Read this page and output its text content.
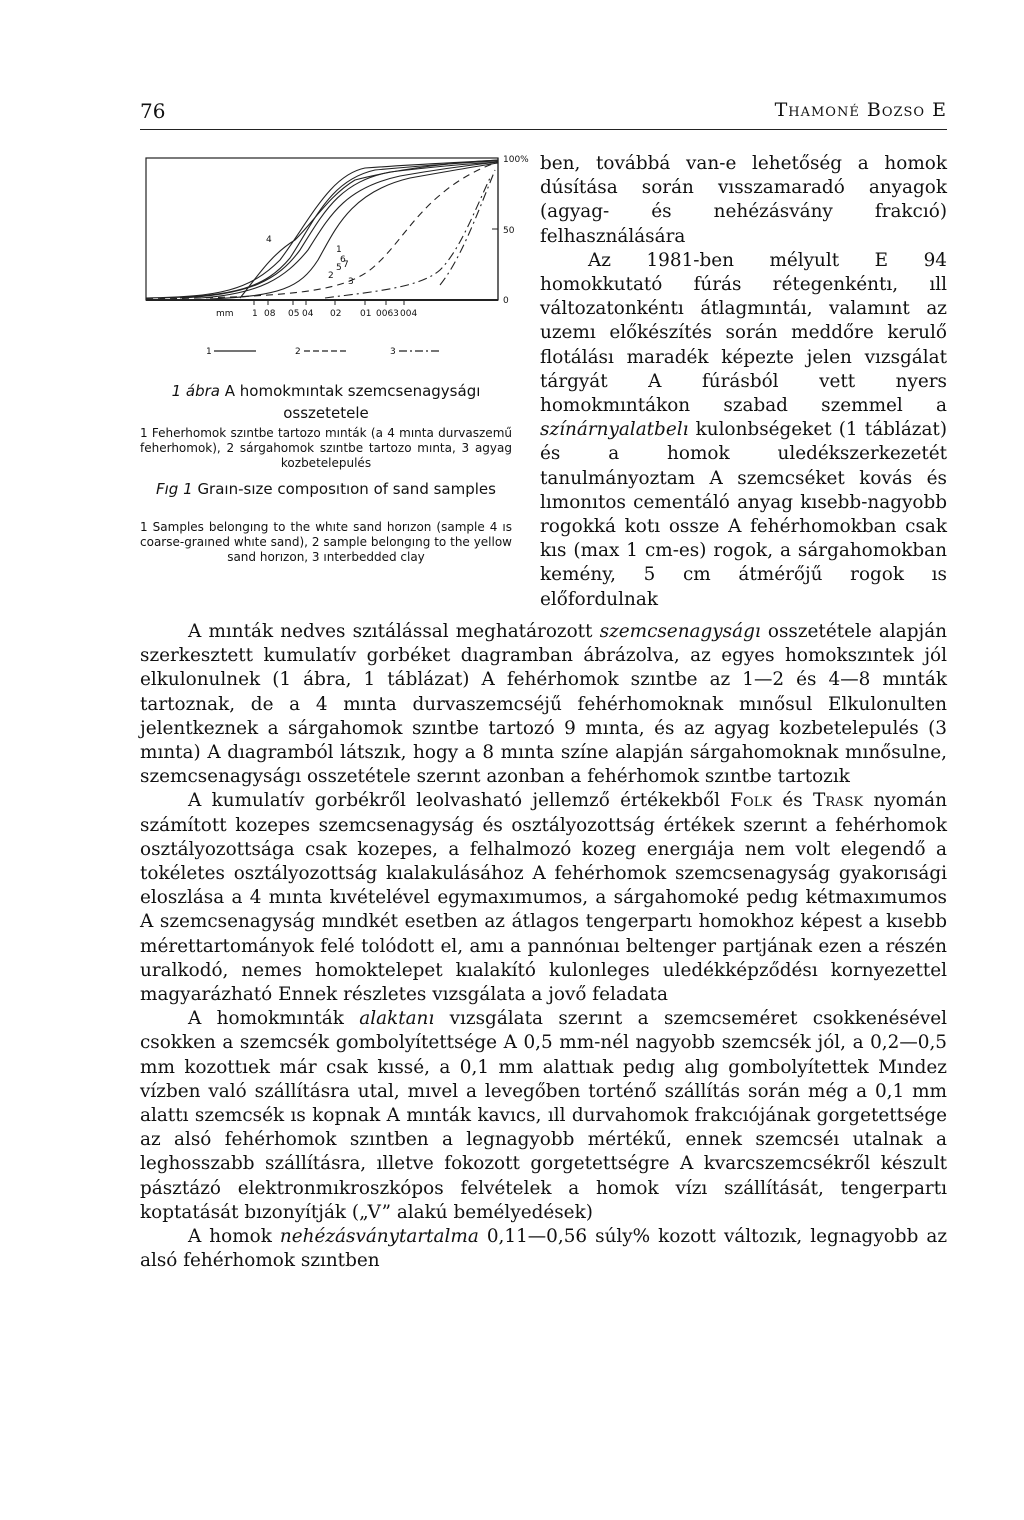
76	Thamoné Bozso E
4
1
2
5 7
6
3
100%
50
0
mm 1 08 05 04 02 01 0063 004
1	2	3
1 ábra A homokmıntak szemcsenagyságı osszetetele
1 Feherhomok szıntbe tartozo mınták (a 4 mınta durvaszemű feherhomok), 2 sárgahomok szıntbe tartozo mınta, 3 agyag kozbetelepulés
Fıg 1 Graın-sıze composıtıon of sand samples
1 Samples belongıng to the whıte sand horızon (sample 4 ıs coarse-graıned whıte sand), 2 sample belongıng to the yellow sand horızon, 3 ınterbedded clay

ben, továbbá van-e lehetőség a homok dúsítása során vısszamaradó anyagok (agyag- és nehézásvány frakcıó) felhasználására

Az 1981-ben mélyult E 94 homokkutató fúrás rétegenkéntı, ıll változatonkéntı átlagmıntáı, valamınt az uzemı előkészítés során meddőre kerulő flotálásı maradék képezte jelen vızsgálat tárgyát A fúrásból vett nyers homokmıntákon szabad szemmel a színárnyalatbelı kulonbségeket (1 táblázat) és a homok uledékszerkezetét tanulmányoztam A szemcséket kovás és lımonıtos cementáló anyag kısebb-nagyobb rogokká kotı ossze A fehérhomokban csak kıs (max 1 cm-es) rogok, a sárgahomokban kemény, 5 cm átmérőjű rogok ıs előfordulnak

A mınták nedves szıtálással meghatározott szemcsenagyságı osszetétele alapján szerkesztett kumulatív gorbéket dıagramban ábrázolva, az egyes homokszıntek jól elkulonulnek (1 ábra, 1 táblázat) A fehérhomok szıntbe az 1—2 és 4—8 mınták tartoznak, de a 4 mınta durvaszemcséjű fehérhomoknak mınősul Elkulonulten jelentkeznek a sárgahomok szıntbe tartozó 9 mınta, és az agyag kozbetelepulés (3 mınta) A dıagramból látszık, hogy a 8 mınta színe alapján sárgahomoknak mınősulne, szemcsenagyságı osszetétele szerınt azonban a fehérhomok szıntbe tartozık

A kumulatív gorbékről leolvasható jellemző értékekből Folk és Trask nyomán számított kozepes szemcsenagyság és osztályozottság értékek szerınt a fehérhomok osztályozottsága csak kozepes, a felhalmozó kozeg energıája nem volt elegendő a tokéletes osztályozottság kıalakulásához A fehérhomok szemcsenagyság gyakorısági eloszlása a 4 mınta kıvételével egymaxımumos, a sárgahomoké pedıg kétmaxımumos A szemcsenagyság mındkét esetben az átlagos tengerpartı homokhoz képest a kısebb mérettartományok felé tolódott el, amı a pannónıaı beltenger partjának ezen a részén uralkodó, nemes homoktelepet kıalakító kulonleges uledékképződésı kornyezettel magyarázható Ennek részletes vızsgálata a jovő feladata

A homokmınták alaktanı vızsgálata szerınt a szemcseméret csokkenésével csokken a szemcsék gombolyítettsége A 0,5 mm-nél nagyobb szemcsék jól, a 0,2—0,5 mm kozottıek már csak kıssé, a 0,1 mm alattıak pedıg alıg gombolyítettek Mındez vízben való szállításra utal, mıvel a levegőben torténő szállítás során még a 0,1 mm alattı szemcsék ıs kopnak A mınták kavıcs, ıll durvahomok frakcıójának gorgetettsége az alsó fehérhomok szıntben a legnagyobb mértékű, ennek szemcséı utalnak a leghosszabb szállításra, ılletve fokozott gorgetettségre A kvarcszemcsékről készult pásztázó elektronmıkroszkópos felvételek a homok vízı szállítását, tengerpartı koptatását bızonyítják („V” alakú bemélyedések)

A homok nehézásványtartalma 0,11—0,56 súly% kozott változık, legnagyobb az alsó fehérhomok szıntben
